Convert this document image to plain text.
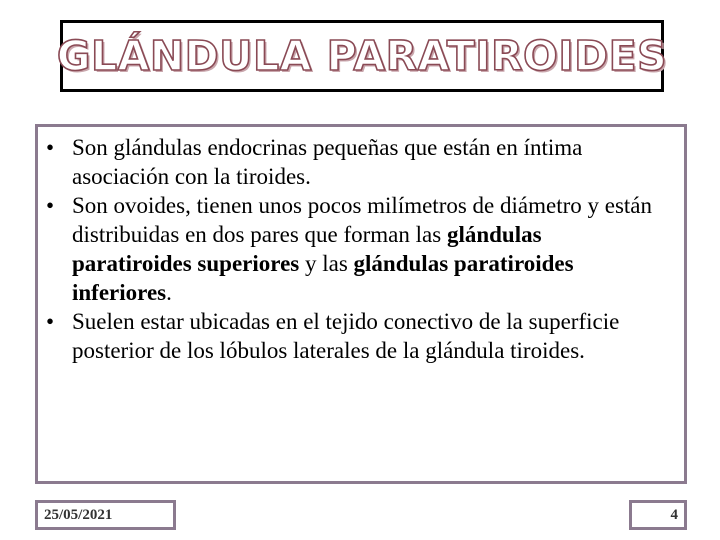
GLÁNDULA PARATIROIDES
• Son glándulas endocrinas pequeñas que están en íntima asociación con la tiroides.
• Son ovoides, tienen unos pocos milímetros de diámetro y están distribuidas en dos pares que forman las glándulas paratiroides superiores y las glándulas paratiroides inferiores.
• Suelen estar ubicadas en el tejido conectivo de la superficie posterior de los lóbulos laterales de la glándula tiroides.
25/05/2021	4
